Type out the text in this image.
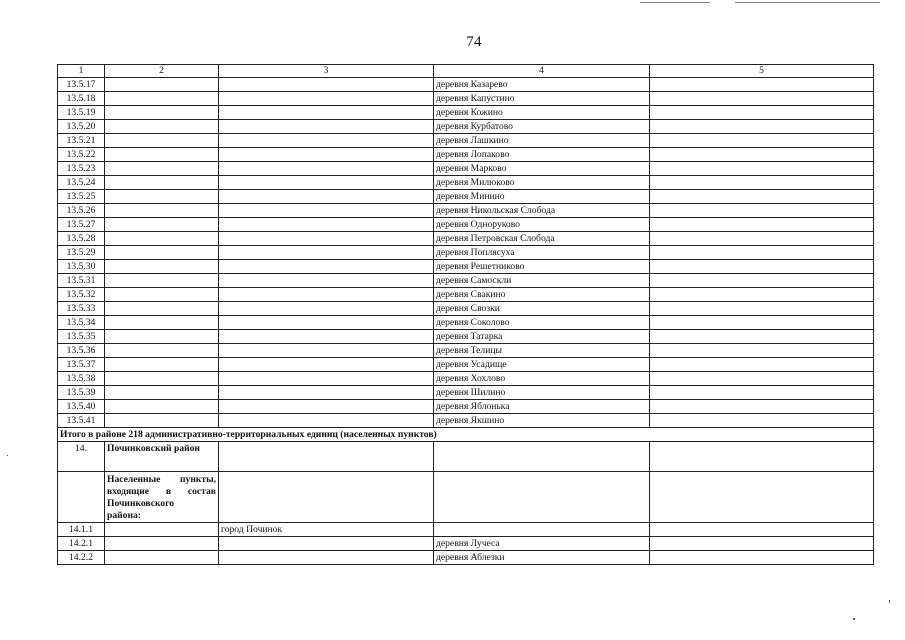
74
1	2	3	4	5
13.5.17			деревня Казарево	
13.5.18			деревня Капустино	
13.5.19			деревня Кожино	
13.5.20			деревня Курбатово	
13.5.21			деревня Лашкино	
13.5.22			деревня Лопаково	
13.5.23			деревня Марково	
13.5.24			деревня Милюково	
13.5.25			деревня Минино	
13.5.26			деревня Никольская Слобода	
13.5.27			деревня Одноруково	
13.5.28			деревня Петровская Слобода	
13.5.29			деревня Поплясуха	
13.5.30			деревня Решетниково	
13.5.31			деревня Самоскли	
13.5.32			деревня Свакино	
13.5.33			деревня Свозки	
13.5.34			деревня Соколово	
13.5.35			деревня Татарка	
13.5.36			деревня Телицы	
13.5.37			деревня Усадище	
13.5.38			деревня Хохлово	
13.5.39			деревня Шилино	
13.5.40			деревня Яблонька	
13.5.41			деревня Якшино	
Итого в районе 218 административно-территориальных единиц (населенных пунктов)				
14.	Починковский район			

	Населенные пункты,
входящие в состав
Починковского
района:			

14.1.1		город Починок		
14.2.1			деревня Лучеса	
14.2.2			деревня Аблезки	
